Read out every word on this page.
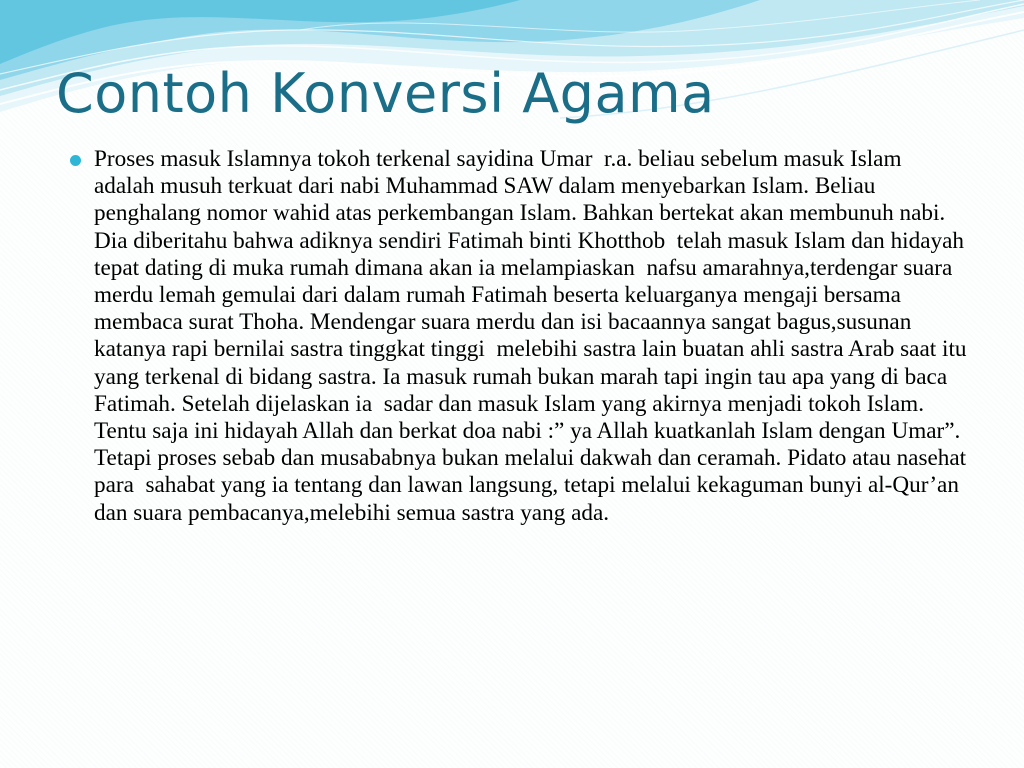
Contoh Konversi Agama
Proses masuk Islamnya tokoh terkenal sayidina Umar  r.a. beliau sebelum masuk Islam  adalah musuh terkuat dari nabi Muhammad SAW dalam menyebarkan Islam. Beliau penghalang nomor wahid atas perkembangan Islam. Bahkan bertekat akan membunuh nabi. Dia diberitahu bahwa adiknya sendiri Fatimah binti Khotthob  telah masuk Islam dan hidayah tepat dating di muka rumah dimana akan ia melampiaskan  nafsu amarahnya,terdengar suara merdu lemah gemulai dari dalam rumah Fatimah beserta keluarganya mengaji bersama membaca surat Thoha. Mendengar suara merdu dan isi bacaannya sangat bagus,susunan katanya rapi bernilai sastra tinggkat tinggi  melebihi sastra lain buatan ahli sastra Arab saat itu yang terkenal di bidang sastra. Ia masuk rumah bukan marah tapi ingin tau apa yang di baca Fatimah. Setelah dijelaskan ia  sadar dan masuk Islam yang akirnya menjadi tokoh Islam. Tentu saja ini hidayah Allah dan berkat doa nabi :” ya Allah kuatkanlah Islam dengan Umar”. Tetapi proses sebab dan musababnya bukan melalui dakwah dan ceramah. Pidato atau nasehat para  sahabat yang ia tentang dan lawan langsung, tetapi melalui kekaguman bunyi al-Qur’an dan suara pembacanya,melebihi semua sastra yang ada.
